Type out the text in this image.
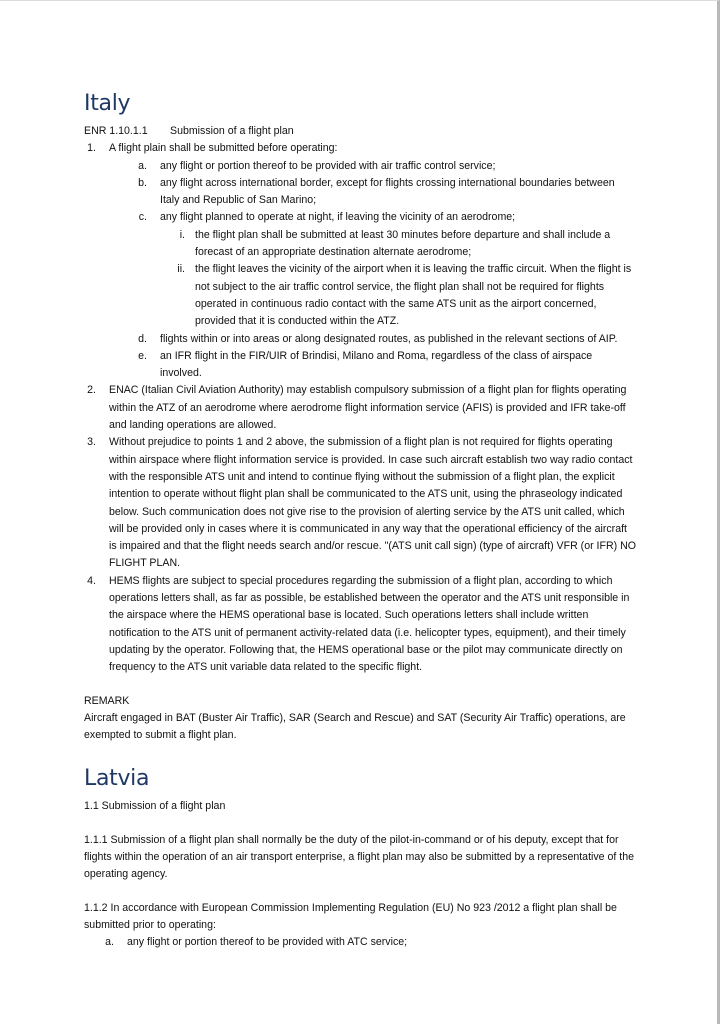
Italy

ENR 1.10.1.1 Submission of a flight plan

1. A flight plain shall be submitted before operating:
a. any flight or portion thereof to be provided with air traffic control service;
b. any flight across international border, except for flights crossing international boundaries between Italy and Republic of San Marino;
c. any flight planned to operate at night, if leaving the vicinity of an aerodrome;
i. the flight plan shall be submitted at least 30 minutes before departure and shall include a forecast of an appropriate destination alternate aerodrome;
ii. the flight leaves the vicinity of the airport when it is leaving the traffic circuit. When the flight is not subject to the air traffic control service, the flight plan shall not be required for flights operated in continuous radio contact with the same ATS unit as the airport concerned, provided that it is conducted within the ATZ.
d. flights within or into areas or along designated routes, as published in the relevant sections of AIP.
e. an IFR flight in the FIR/UIR of Brindisi, Milano and Roma, regardless of the class of airspace involved.
2. ENAC (Italian Civil Aviation Authority) may establish compulsory submission of a flight plan for flights operating within the ATZ of an aerodrome where aerodrome flight information service (AFIS) is provided and IFR take-off and landing operations are allowed.
3. Without prejudice to points 1 and 2 above, the submission of a flight plan is not required for flights operating within airspace where flight information service is provided. In case such aircraft establish two way radio contact with the responsible ATS unit and intend to continue flying without the submission of a flight plan, the explicit intention to operate without flight plan shall be communicated to the ATS unit, using the phraseology indicated below. Such communication does not give rise to the provision of alerting service by the ATS unit called, which will be provided only in cases where it is communicated in any way that the operational efficiency of the aircraft is impaired and that the flight needs search and/or rescue. "(ATS unit call sign) (type of aircraft) VFR (or IFR) NO FLIGHT PLAN.
4. HEMS flights are subject to special procedures regarding the submission of a flight plan, according to which operations letters shall, as far as possible, be established between the operator and the ATS unit responsible in the airspace where the HEMS operational base is located. Such operations letters shall include written notification to the ATS unit of permanent activity-related data (i.e. helicopter types, equipment), and their timely updating by the operator. Following that, the HEMS operational base or the pilot may communicate directly on frequency to the ATS unit variable data related to the specific flight.

REMARK

Aircraft engaged in BAT (Buster Air Traffic), SAR (Search and Rescue) and SAT (Security Air Traffic) operations, are exempted to submit a flight plan.

Latvia

1.1 Submission of a flight plan

1.1.1 Submission of a flight plan shall normally be the duty of the pilot-in-command or of his deputy, except that for flights within the operation of an air transport enterprise, a flight plan may also be submitted by a representative of the operating agency.

1.1.2 In accordance with European Commission Implementing Regulation (EU) No 923 /2012 a flight plan shall be submitted prior to operating:

a. any flight or portion thereof to be provided with ATC service;
